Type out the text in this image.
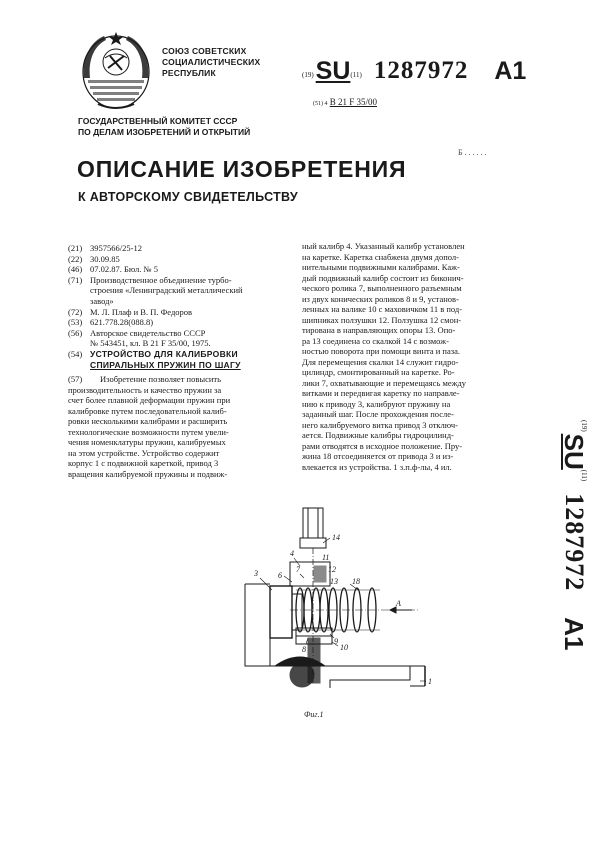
СОЮЗ СОВЕТСКИХ
СОЦИАЛИСТИЧЕСКИХ
РЕСПУБЛИК	(19) SU (11) 1287972 A1
(51) 4 B 21 F 35/00
ГОСУДАРСТВЕННЫЙ КОМИТЕТ СССР
ПО ДЕЛАМ ИЗОБРЕТЕНИЙ И ОТКРЫТИЙ
Б . . . . . .
ОПИСАНИЕ ИЗОБРЕТЕНИЯ
К АВТОРСКОМУ СВИДЕТЕЛЬСТВУ
(21) 3957566/25-12
(22) 30.09.85
(46) 07.02.87. Бюл. № 5
(71) Производственное объединение турбо-
строения «Ленинградский металлический
завод»
(72) М. Л. Плаф и В. П. Федоров
(53) 621.778.28(088.8)
(56) Авторское свидетельство СССР
№ 543451, кл. В 21 F 35/00, 1975.
(54) УСТРОЙСТВО ДЛЯ КАЛИБРОВКИ
СПИРАЛЬНЫХ ПРУЖИН ПО ШАГУ
(57) Изобретение позволяет повысить
производительность и качество пружин за
счет более плавной деформации пружин при
калибровке путем последовательной калиб-
ровки несколькими калибрами и расширить
технологические возможности путем увели-
чения номенклатуры пружин, калибруемых
на этом устройстве. Устройство содержит
корпус 1 с подвижной кареткой, привод 3
вращения калибруемой пружины и подвиж-
ный калибр 4. Указанный калибр установлен
на каретке. Каретка снабжена двумя допол-
нительными подвижными калибрами. Каж-
дый подвижный калибр состоит из биконич-
ческого ролика 7, выполненного разъемным
из двух конических роликов 8 и 9, установ-
ленных на валике 10 с маховичком 11 в под-
шипниках ползушки 12. Ползушка 12 смон-
тирована в направляющих опоры 13. Опо-
ра 13 соединена со скалкой 14 с возмож-
ностью поворота при помощи винта и паза.
Для перемещения скалки 14 служит гидро-
цилиндр, смонтированный на каретке. Ро-
лики 7, охватывающие и перемещаясь между
витками и передвигая каретку по направле-
нию к приводу 3, калибруют пружину на
заданный шаг. После прохождения после-
него калибруемого витка привод 3 отключ-
ается. Подвижные калибры гидроцилинд-
рами отводятся в исходное положение. Пру-
жина 18 отсоединяется от привода 3 и из-
влекается из устройства. 1 з.п.ф-лы, 4 ил.
(19)
SU
(11)
1287972
A1
3
14
4
6
7
11
12
13 18
8
9
10
1
А
Фиг.1
